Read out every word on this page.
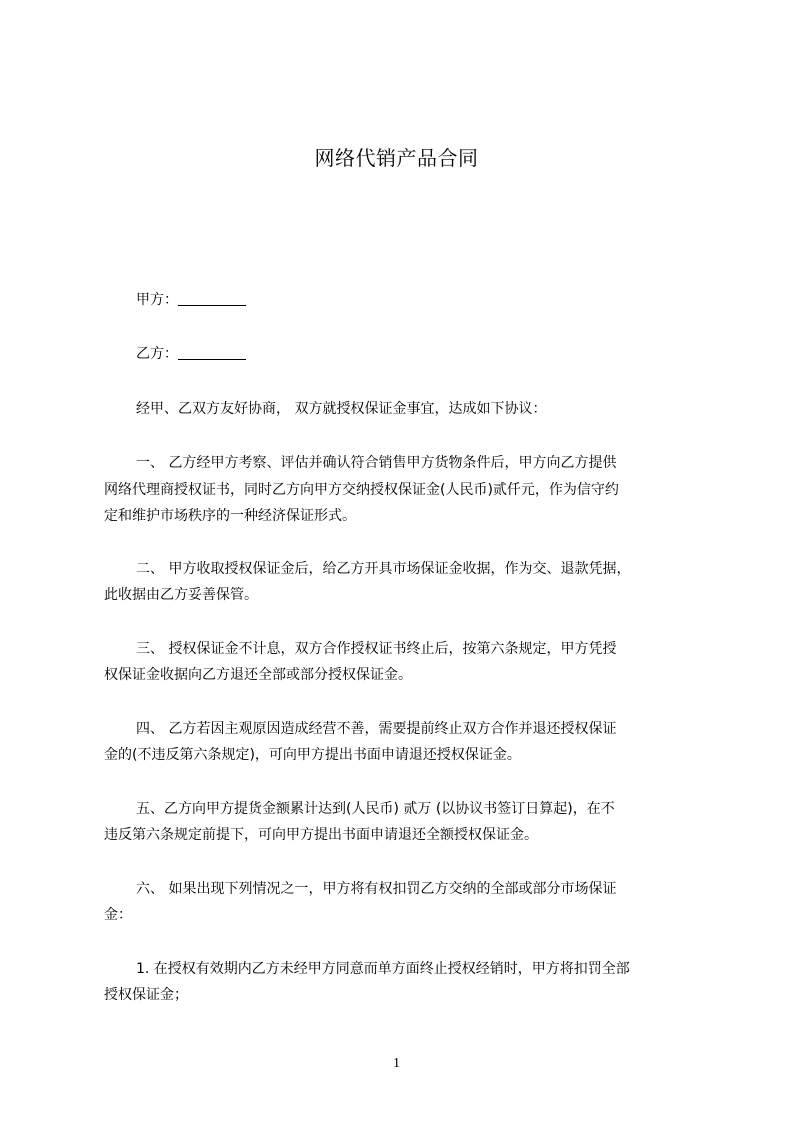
网络代销产品合同
甲方：
乙方：
经甲、乙双方友好协商， 双方就授权保证金事宜，达成如下协议：
一、 乙方经甲方考察、评估并确认符合销售甲方货物条件后，甲方向乙方提供
网络代理商授权证书，同时乙方向甲方交纳授权保证金(人民币)贰仟元，作为信守约
定和维护市场秩序的一种经济保证形式。
二、 甲方收取授权保证金后，给乙方开具市场保证金收据，作为交、退款凭据，
此收据由乙方妥善保管。
三、 授权保证金不计息，双方合作授权证书终止后，按第六条规定，甲方凭授
权保证金收据向乙方退还全部或部分授权保证金。
四、 乙方若因主观原因造成经营不善，需要提前终止双方合作并退还授权保证
金的(不违反第六条规定)，可向甲方提出书面申请退还授权保证金。
五、乙方向甲方提货金额累计达到(人民币) 贰万 (以协议书签订日算起)，在不
违反第六条规定前提下，可向甲方提出书面申请退还全额授权保证金。
六、 如果出现下列情况之一，甲方将有权扣罚乙方交纳的全部或部分市场保证
金：
1. 在授权有效期内乙方未经甲方同意而单方面终止授权经销时，甲方将扣罚全部
授权保证金；
1
